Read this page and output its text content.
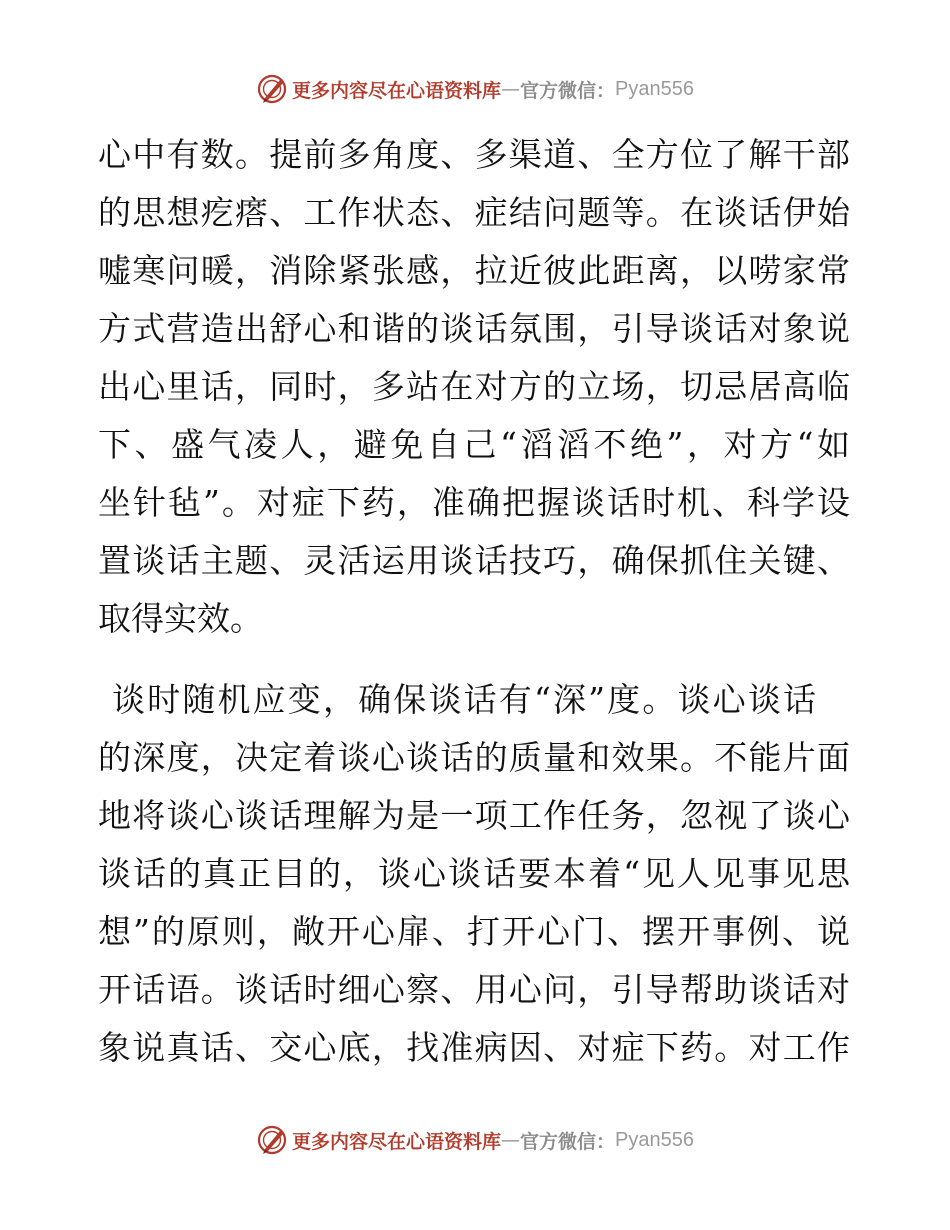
更多内容尽在心语资料库 — 官方微信： Pyan556
心中有数。提前多角度、多渠道、全方位了解干部
的思想疙瘩、工作状态、症结问题等。在谈话伊始
嘘寒问暖，消除紧张感，拉近彼此距离，以唠家常
方式营造出舒心和谐的谈话氛围，引导谈话对象说
出心里话，同时，多站在对方的立场，切忌居高临
下、盛气凌人，避免自己“滔滔不绝”，对方“如
坐针毡”。对症下药，准确把握谈话时机、科学设
置谈话主题、灵活运用谈话技巧，确保抓住关键、
取得实效。
谈时随机应变，确保谈话有“深”度。谈心谈话
的深度，决定着谈心谈话的质量和效果。不能片面
地将谈心谈话理解为是一项工作任务，忽视了谈心
谈话的真正目的，谈心谈话要本着“见人见事见思
想”的原则，敞开心扉、打开心门、摆开事例、说
开话语。谈话时细心察、用心问，引导帮助谈话对
象说真话、交心底，找准病因、对症下药。对工作
更多内容尽在心语资料库 — 官方微信： Pyan556
